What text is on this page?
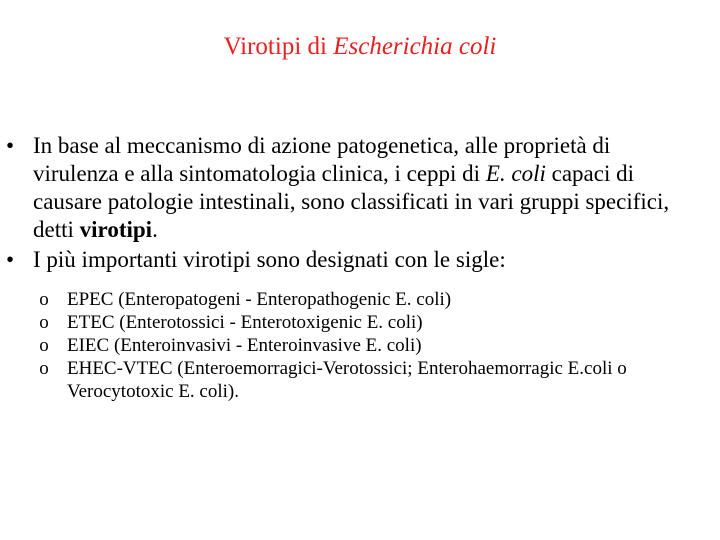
Virotipi di Escherichia coli

• In base al meccanismo di azione patogenetica, alle proprietà di virulenza e alla sintomatologia clinica, i ceppi di E. coli capaci di causare patologie intestinali, sono classificati in vari gruppi specifici, detti virotipi.

• I più importanti virotipi sono designati con le sigle:

o EPEC (Enteropatogeni - Enteropathogenic E. coli)
o ETEC (Enterotossici - Enterotoxigenic E. coli)
o EIEC (Enteroinvasivi - Enteroinvasive E. coli)
o EHEC-VTEC (Enteroemorragici-Verotossici; Enterohaemorragic E.coli o Verocytotoxic E. coli).
